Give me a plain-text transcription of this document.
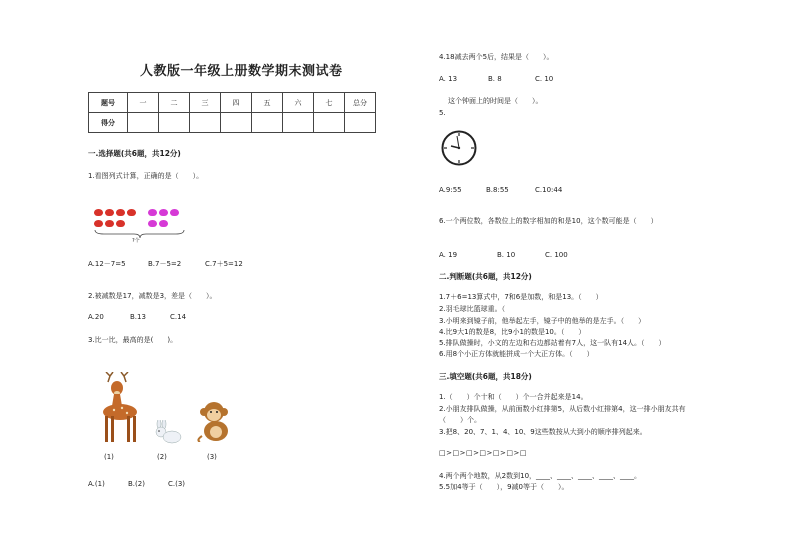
人教版一年级上册数学期末测试卷
题号	一	二	三	四	五	六	七	总分
得分								
一.选择题(共6题，共12分)
1.看图列式计算，正确的是（　　）。
?个
A.12－7=5	B.7－5=2	C.7＋5=12
2.被减数是17，减数是3，差是（　　）。
A.20	B.13	C.14
3.比一比，最高的是(　　)。
(1)	(2)	(3)
A.(1)	B.(2)	C.(3)
4.18减去两个5后，结果是（　　）。
A. 13	B. 8	C. 10
这个钟面上的时间是（　　）。
5.
A.9:55	B.8:55	C.10:44
6.一个两位数，各数位上的数字相加的和是10，这个数可能是（　　）
A. 19	B. 10	C. 100
二.判断题(共6题，共12分)
1.7＋6=13算式中，7和6是加数，和是13。（　　）
2.羽毛球比篮球重。（
3.小明来到镜子前，他举起左手，镜子中的他举的是左手。（　　）
4.比9大1的数是8，比9小1的数是10。（　　）
5.排队做操时，小文的左边和右边都站着有7人，这一队有14人。（　　）
6.用8个小正方体就能拼成一个大正方体。（　　）
三.填空题(共6题，共18分)
1.（　　）个十和（　　）个一合并起来是14。
2.小朋友排队做操，从前面数小红排第5，从后数小红排第4，这一排小朋友共有
（　　）个。
3.把8、20、7、1、4、10、9这些数按从大到小的顺序排列起来。
□>□>□>□>□>□>□
4.两个两个地数，从2数到10，____、____、____、____、____。
5.5加4等于（　　），9减0等于（　　）。
